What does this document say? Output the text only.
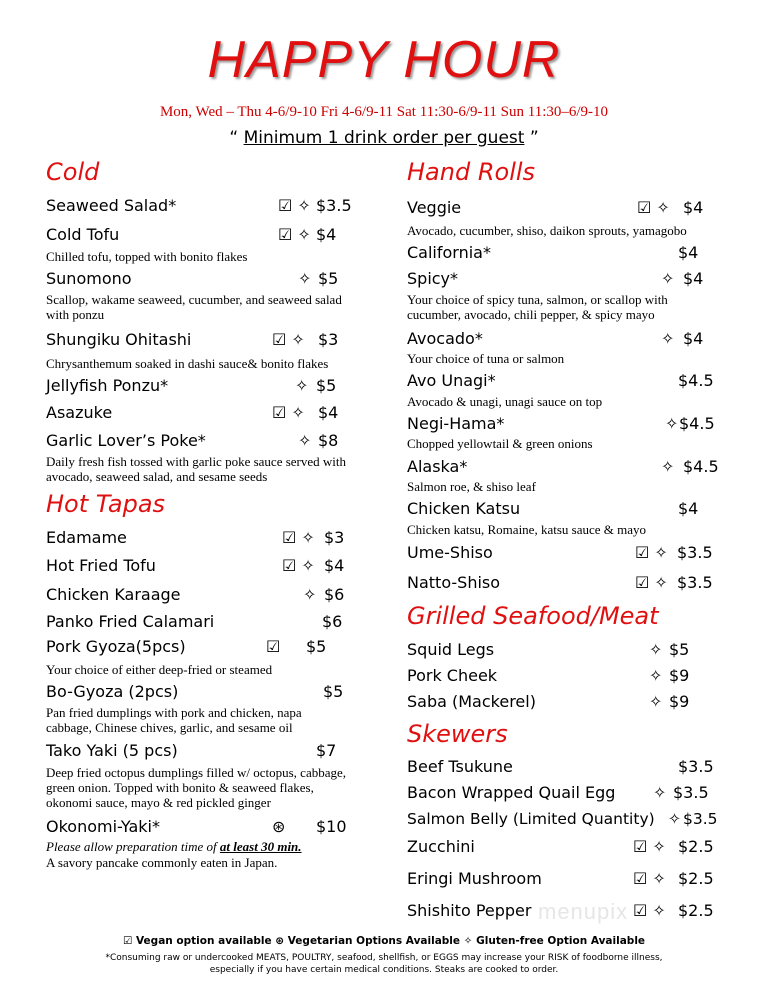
HAPPY HOUR
Mon, Wed – Thu 4-6/9-10 Fri 4-6/9-11 Sat 11:30-6/9-11 Sun 11:30–6/9-10
“ Minimum 1 drink order per guest ”
Cold
Seaweed Salad*	☑ ✧ $3.5
Cold Tofu	☑ ✧ $4
Chilled tofu, topped with bonito flakes
Sunomono	✧ $5
Scallop, wakame seaweed, cucumber, and seaweed salad with ponzu
Shungiku Ohitashi	☑ ✧ $3
Chrysanthemum soaked in dashi sauce& bonito flakes
Jellyfish Ponzu*	✧ $5
Asazuke	☑ ✧ $4
Garlic Lover’s Poke*	✧ $8
Daily fresh fish tossed with garlic poke sauce served with avocado, seaweed salad, and sesame seeds
Hot Tapas
Edamame	☑ ✧ $3
Hot Fried Tofu	☑ ✧ $4
Chicken Karaage	✧ $6
Panko Fried Calamari	$6
Pork Gyoza(5pcs)	☑ $5
Your choice of either deep-fried or steamed
Bo-Gyoza (2pcs)	$5
Pan fried dumplings with pork and chicken, napa cabbage, Chinese chives, garlic, and sesame oil
Tako Yaki (5 pcs)	$7
Deep fried octopus dumplings filled w/ octopus, cabbage, green onion. Topped with bonito & seaweed flakes, okonomi sauce, mayo & red pickled ginger
Okonomi-Yaki*	⊛ $10
Please allow preparation time of at least 30 min.
A savory pancake commonly eaten in Japan.
Hand Rolls
Veggie	☑ ✧ $4
Avocado, cucumber, shiso, daikon sprouts, yamagobo
California*	$4
Spicy*	✧ $4
Your choice of spicy tuna, salmon, or scallop with cucumber, avocado, chili pepper, & spicy mayo
Avocado*	✧ $4
Your choice of tuna or salmon
Avo Unagi*	$4.5
Avocado & unagi, unagi sauce on top
Negi-Hama*	✧ $4.5
Chopped yellowtail & green onions
Alaska*	✧ $4.5
Salmon roe, & shiso leaf
Chicken Katsu	$4
Chicken katsu, Romaine, katsu sauce & mayo
Ume-Shiso	☑ ✧ $3.5
Natto-Shiso	☑ ✧ $3.5
Grilled Seafood/Meat
Squid Legs	✧ $5
Pork Cheek	✧ $9
Saba (Mackerel)	✧ $9
Skewers
Beef Tsukune	$3.5
Bacon Wrapped Quail Egg ✧ $3.5
Salmon Belly (Limited Quantity) ✧ $3.5
Zucchini	☑ ✧ $2.5
Eringi Mushroom	☑ ✧ $2.5
Shishito Pepper	☑ ✧ $2.5
menupix
☑ Vegan option available ⊛ Vegetarian Options Available ✧ Gluten-free Option Available
*Consuming raw or undercooked MEATS, POULTRY, seafood, shellfish, or EGGS may increase your RISK of foodborne illness,
especially if you have certain medical conditions. Steaks are cooked to order.
